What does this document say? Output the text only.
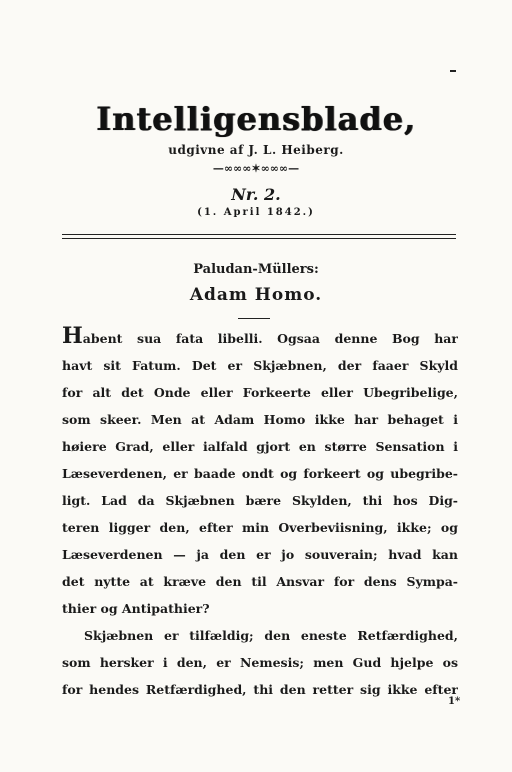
Intelligensblade,
udgivne af J. L. Heiberg.
—∞∞∞✶∞∞∞—
Nr. 2.
(1. April 1842.)
Paludan-Müllers:
Adam Homo.
Habent sua fata libelli. Ogsaa denne Bog har
havt sit Fatum. Det er Skjæbnen, der faaer Skyld
for alt det Onde eller Forkeerte eller Ubegribelige,
som skeer. Men at Adam Homo ikke har behaget i
høiere Grad, eller ialfald gjort en større Sensation i
Læseverdenen, er baade ondt og forkeert og ubegribe-
ligt. Lad da Skjæbnen bære Skylden, thi hos Dig-
teren ligger den, efter min Overbeviisning, ikke; og
Læseverdenen — ja den er jo souverain; hvad kan
det nytte at kræve den til Ansvar for dens Sympa-
thier og Antipathier?
Skjæbnen er tilfældig; den eneste Retfærdighed,
som hersker i den, er Nemesis; men Gud hjelpe os
for hendes Retfærdighed, thi den retter sig ikke efter
1*
